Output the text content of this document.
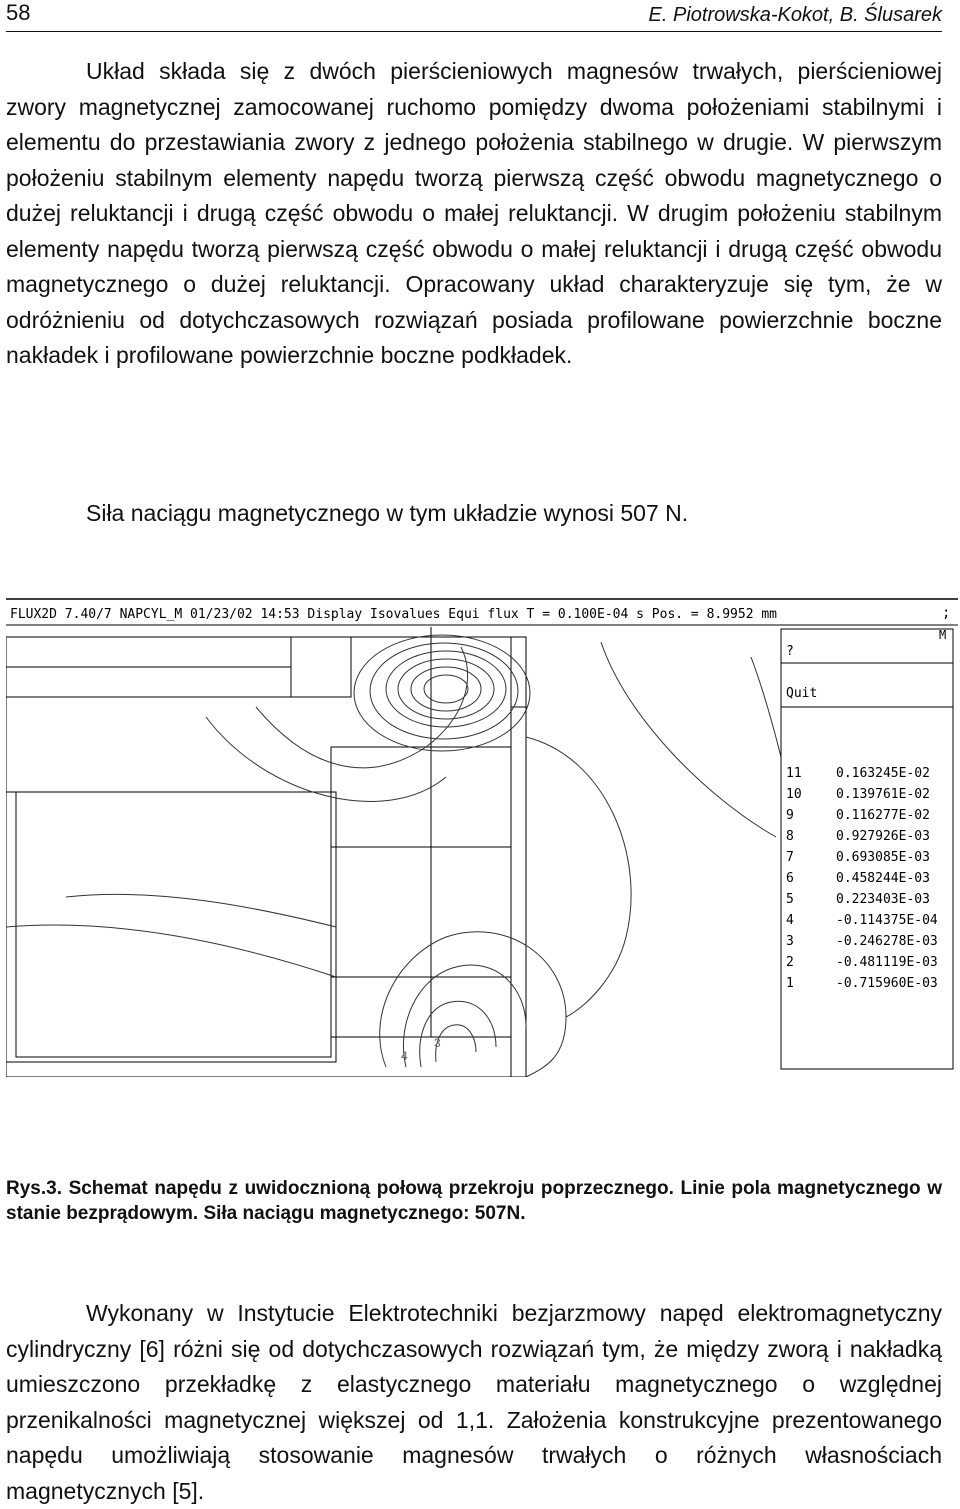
58	E. Piotrowska-Kokot, B. Ślusarek

Układ składa się z dwóch pierścieniowych magnesów trwałych, pierścieniowej zwory magnetycznej zamocowanej ruchomo pomiędzy dwoma położeniami stabilnymi i elementu do przestawiania zwory z jednego położenia stabilnego w drugie. W pierwszym położeniu stabilnym elementy napędu tworzą pierwszą część obwodu magnetycznego o dużej reluktancji i drugą część obwodu o małej reluktancji. W drugim położeniu stabilnym elementy napędu tworzą pierwszą część obwodu o małej reluktancji i drugą część obwodu magnetycznego o dużej reluktancji. Opracowany układ charakteryzuje się tym, że w odróżnieniu od dotychczasowych rozwiązań posiada profilowane powierzchnie boczne nakładek i profilowane powierzchnie boczne podkładek.

Siła naciągu magnetycznego w tym układzie wynosi 507 N.
FLUX2D 7.40/7 NAPCYL_M 01/23/02 14:53 Display Isovalues Equi flux T = 0.100E-04 s Pos. = 8.9952 mm
4
3
;
M
?
Quit
11	0.163245E-02
10	0.139761E-02
9	0.116277E-02
8	0.927926E-03
7	0.693085E-03
6	0.458244E-03
5	0.223403E-03
4	-0.114375E-04
3	-0.246278E-03
2	-0.481119E-03
1	-0.715960E-03

Rys.3. Schemat napędu z uwidocznioną połową przekroju poprzecznego. Linie pola magnetycznego w stanie bezprądowym. Siła naciągu magnetycznego: 507N.

Wykonany w Instytucie Elektrotechniki bezjarzmowy napęd elektromagnetyczny cylindryczny [6] różni się od dotychczasowych rozwiązań tym, że między zworą i nakładką umieszczono przekładkę z elastycznego materiału magnetycznego o względnej przenikalności magnetycznej większej od 1,1. Założenia konstrukcyjne prezentowanego napędu umożliwiają stosowanie magnesów trwałych o różnych własnościach magnetycznych [5].
